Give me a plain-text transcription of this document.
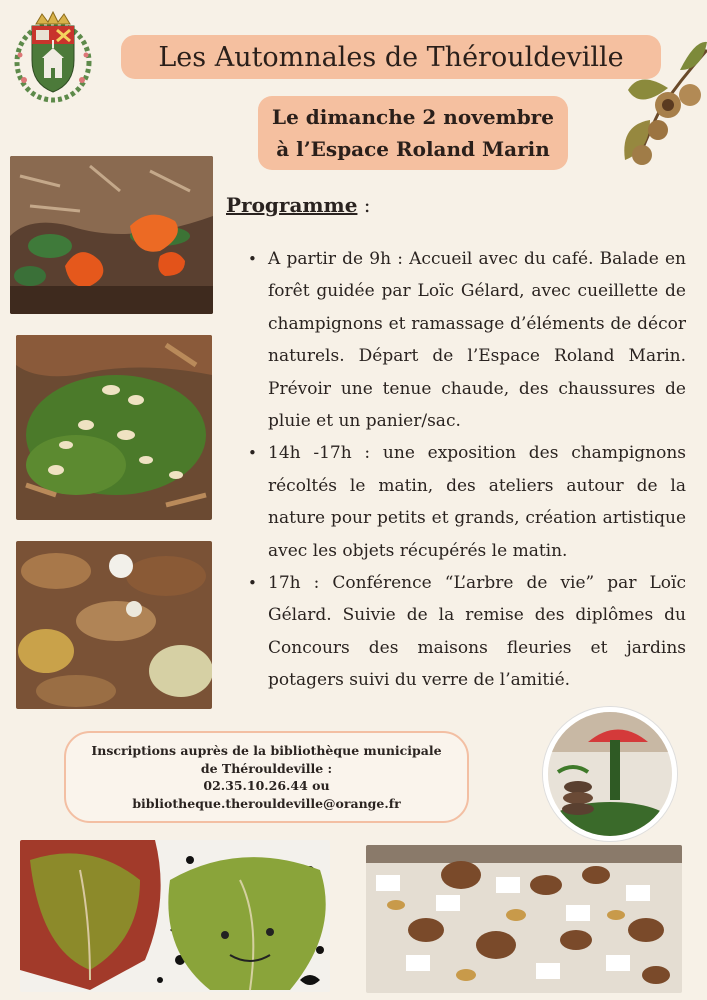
Les Automnales de Thérouldeville
Le dimanche 2 novembre
à l’Espace Roland Marin
Programme :
• A partir de 9h : Accueil avec du café. Balade en forêt guidée par Loïc Gélard, avec cueillette de champignons et ramassage d’éléments de décor naturels. Départ de l’Espace Roland Marin. Prévoir une tenue chaude, des chaussures de pluie et un panier/sac.
• 14h -17h : une exposition des champignons récoltés le matin, des ateliers autour de la nature pour petits et grands, création artistique avec les objets récupérés le matin.
• 17h : Conférence “L’arbre de vie” par Loïc Gélard. Suivie de la remise des diplômes du Concours des maisons fleuries et jardins potagers suivi du verre de l’amitié.
Inscriptions auprès de la bibliothèque municipale
de Thérouldeville :
02.35.10.26.44 ou
bibliotheque.therouldeville@orange.fr
